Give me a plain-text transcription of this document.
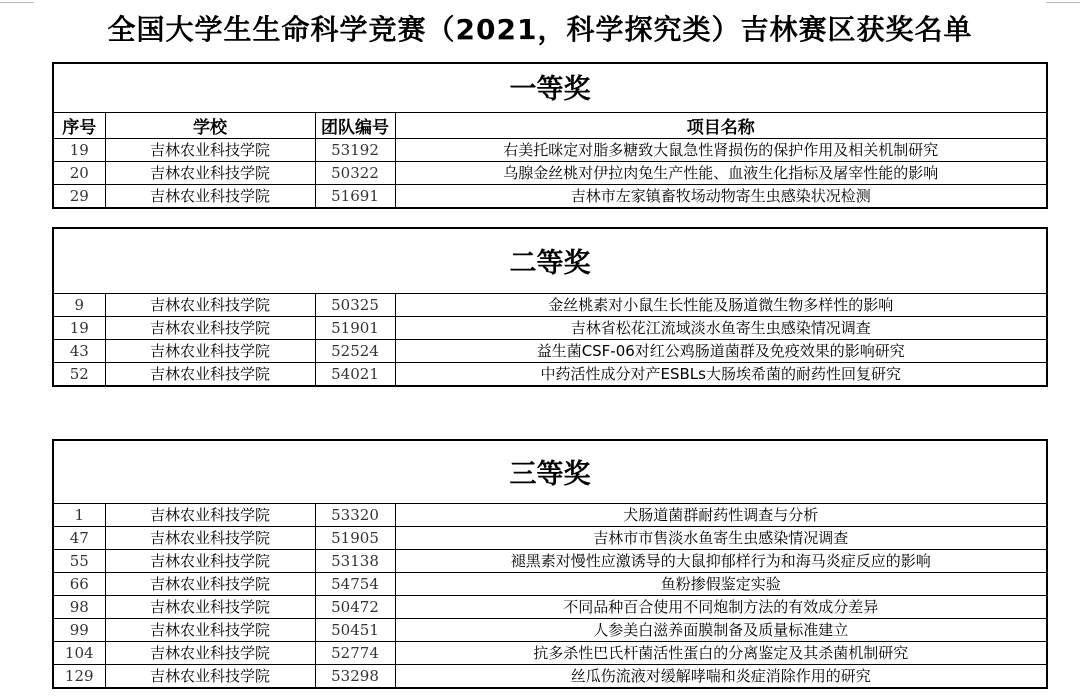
全国大学生生命科学竞赛（2021，科学探究类）吉林赛区获奖名单
一等奖
序号	学校	团队编号	项目名称
19	吉林农业科技学院	53192	右美托咪定对脂多糖致大鼠急性肾损伤的保护作用及相关机制研究
20	吉林农业科技学院	50322	乌腺金丝桃对伊拉肉兔生产性能、血液生化指标及屠宰性能的影响
29	吉林农业科技学院	51691	吉林市左家镇畜牧场动物寄生虫感染状况检测
二等奖
9	吉林农业科技学院	50325	金丝桃素对小鼠生长性能及肠道微生物多样性的影响
19	吉林农业科技学院	51901	吉林省松花江流域淡水鱼寄生虫感染情况调查
43	吉林农业科技学院	52524	益生菌CSF-06对红公鸡肠道菌群及免疫效果的影响研究
52	吉林农业科技学院	54021	中药活性成分对产ESBLs大肠埃希菌的耐药性回复研究
三等奖
1	吉林农业科技学院	53320	犬肠道菌群耐药性调查与分析
47	吉林农业科技学院	51905	吉林市市售淡水鱼寄生虫感染情况调查
55	吉林农业科技学院	53138	褪黑素对慢性应激诱导的大鼠抑郁样行为和海马炎症反应的影响
66	吉林农业科技学院	54754	鱼粉掺假鉴定实验
98	吉林农业科技学院	50472	不同品种百合使用不同炮制方法的有效成分差异
99	吉林农业科技学院	50451	人参美白滋养面膜制备及质量标准建立
104	吉林农业科技学院	52774	抗多杀性巴氏杆菌活性蛋白的分离鉴定及其杀菌机制研究
129	吉林农业科技学院	53298	丝瓜伤流液对缓解哮喘和炎症消除作用的研究
